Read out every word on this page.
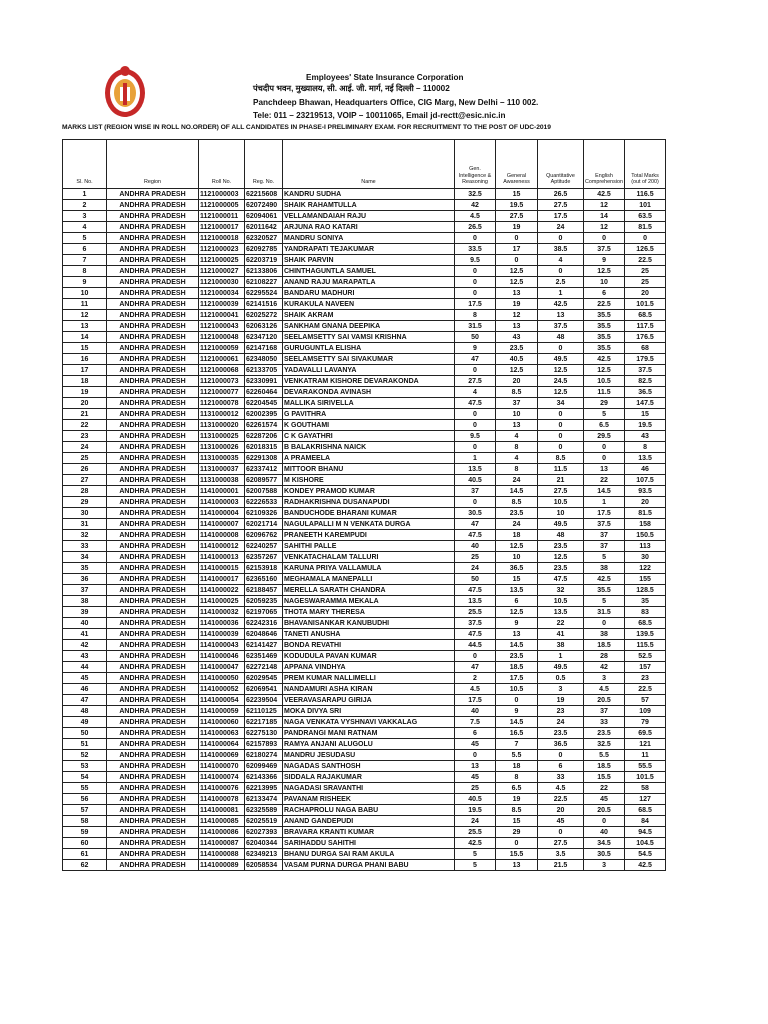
Employees' State Insurance Corporation
पंचदीप भवन, मुख्यालय, सी. आई. जी. मार्ग, नई दिल्ली – 110002
Panchdeep Bhawan, Headquarters Office, CIG Marg, New Delhi – 110 002.
Tele: 011 – 23219513, VOIP – 10011065, Email jd-rectt@esic.nic.in
MARKS LIST (REGION WISE IN ROLL NO.ORDER) OF ALL CANDIDATES IN PHASE-I PRELIMINARY EXAM. FOR RECRUITMENT TO THE POST OF UDC-2019
Sl. No.	Region	Roll No.	Reg. No.	Name	Gen. Intelligence & Reasoning	General Awareness	Quantitative Aptitude	English Comprehension	Total Marks (out of 200)
1	ANDHRA PRADESH	1121000003	62215608	KANDRU SUDHA	32.5	15	26.5	42.5	116.5
2	ANDHRA PRADESH	1121000005	62072490	SHAIK RAHAMTULLA	42	19.5	27.5	12	101
3	ANDHRA PRADESH	1121000011	62094061	VELLAMANDAIAH RAJU	4.5	27.5	17.5	14	63.5
4	ANDHRA PRADESH	1121000017	62011642	ARJUNA RAO KATARI	26.5	19	24	12	81.5
5	ANDHRA PRADESH	1121000018	62320527	MANDRU SONIYA	0	0	0	0	0
6	ANDHRA PRADESH	1121000023	62092785	YANDRAPATI TEJAKUMAR	33.5	17	38.5	37.5	126.5
7	ANDHRA PRADESH	1121000025	62203719	SHAIK PARVIN	9.5	0	4	9	22.5
8	ANDHRA PRADESH	1121000027	62133806	CHINTHAGUNTLA SAMUEL	0	12.5	0	12.5	25
9	ANDHRA PRADESH	1121000030	62108227	ANAND RAJU MARAPATLA	0	12.5	2.5	10	25
10	ANDHRA PRADESH	1121000034	62295524	BANDARU MADHURI	0	13	1	6	20
11	ANDHRA PRADESH	1121000039	62141516	KURAKULA NAVEEN	17.5	19	42.5	22.5	101.5
12	ANDHRA PRADESH	1121000041	62025272	SHAIK AKRAM	8	12	13	35.5	68.5
13	ANDHRA PRADESH	1121000043	62063126	SANKHAM GNANA DEEPIKA	31.5	13	37.5	35.5	117.5
14	ANDHRA PRADESH	1121000048	62347120	SEELAMSETTY SAI VAMSI KRISHNA	50	43	48	35.5	176.5
15	ANDHRA PRADESH	1121000059	62147168	GURUGUNTLA ELISHA	9	23.5	0	35.5	68
16	ANDHRA PRADESH	1121000061	62348050	SEELAMSETTY SAI SIVAKUMAR	47	40.5	49.5	42.5	179.5
17	ANDHRA PRADESH	1121000068	62133705	YADAVALLI LAVANYA	0	12.5	12.5	12.5	37.5
18	ANDHRA PRADESH	1121000073	62330991	VENKATRAM KISHORE DEVARAKONDA	27.5	20	24.5	10.5	82.5
19	ANDHRA PRADESH	1121000077	62260464	DEVARAKONDA AVINASH	4	8.5	12.5	11.5	36.5
20	ANDHRA PRADESH	1121000078	62204545	MALLIKA SIRIVELLA	47.5	37	34	29	147.5
21	ANDHRA PRADESH	1131000012	62002395	G PAVITHRA	0	10	0	5	15
22	ANDHRA PRADESH	1131000020	62261574	K GOUTHAMI	0	13	0	6.5	19.5
23	ANDHRA PRADESH	1131000025	62287206	C K GAYATHRI	9.5	4	0	29.5	43
24	ANDHRA PRADESH	1131000026	62018315	B BALAKRISHNA NAICK	0	8	0	0	8
25	ANDHRA PRADESH	1131000035	62291308	A PRAMEELA	1	4	8.5	0	13.5
26	ANDHRA PRADESH	1131000037	62337412	MITTOOR BHANU	13.5	8	11.5	13	46
27	ANDHRA PRADESH	1131000038	62089577	M KISHORE	40.5	24	21	22	107.5
28	ANDHRA PRADESH	1141000001	62007588	KONDEY PRAMOD KUMAR	37	14.5	27.5	14.5	93.5
29	ANDHRA PRADESH	1141000003	62226533	RADHAKRISHNA DUSANAPUDI	0	8.5	10.5	1	20
30	ANDHRA PRADESH	1141000004	62109326	BANDUCHODE BHARANI KUMAR	30.5	23.5	10	17.5	81.5
31	ANDHRA PRADESH	1141000007	62021714	NAGULAPALLI M N VENKATA DURGA	47	24	49.5	37.5	158
32	ANDHRA PRADESH	1141000008	62096762	PRANEETH KAREMPUDI	47.5	18	48	37	150.5
33	ANDHRA PRADESH	1141000012	62240257	SAHITHI PALLE	40	12.5	23.5	37	113
34	ANDHRA PRADESH	1141000013	62357267	VENKATACHALAM TALLURI	25	10	12.5	5	30
35	ANDHRA PRADESH	1141000015	62153918	KARUNA PRIYA VALLAMULA	24	36.5	23.5	38	122
36	ANDHRA PRADESH	1141000017	62365160	MEGHAMALA MANEPALLI	50	15	47.5	42.5	155
37	ANDHRA PRADESH	1141000022	62188457	MERELLA SARATH CHANDRA	47.5	13.5	32	35.5	128.5
38	ANDHRA PRADESH	1141000025	62059235	NAGESWARAMMA MEKALA	13.5	6	10.5	5	35
39	ANDHRA PRADESH	1141000032	62197065	THOTA MARY THERESA	25.5	12.5	13.5	31.5	83
40	ANDHRA PRADESH	1141000036	62242316	BHAVANISANKAR KANUBUDHI	37.5	9	22	0	68.5
41	ANDHRA PRADESH	1141000039	62048646	TANETI ANUSHA	47.5	13	41	38	139.5
42	ANDHRA PRADESH	1141000043	62141427	BONDA REVATHI	44.5	14.5	38	18.5	115.5
43	ANDHRA PRADESH	1141000046	62351469	KODUDULA PAVAN KUMAR	0	23.5	1	28	52.5
44	ANDHRA PRADESH	1141000047	62272148	APPANA VINDHYA	47	18.5	49.5	42	157
45	ANDHRA PRADESH	1141000050	62029545	PREM KUMAR NALLIMELLI	2	17.5	0.5	3	23
46	ANDHRA PRADESH	1141000052	62069541	NANDAMURI ASHA KIRAN	4.5	10.5	3	4.5	22.5
47	ANDHRA PRADESH	1141000054	62239504	VEERAVASARAPU GIRIJA	17.5	0	19	20.5	57
48	ANDHRA PRADESH	1141000059	62110125	MOKA DIVYA SRI	40	9	23	37	109
49	ANDHRA PRADESH	1141000060	62217185	NAGA VENKATA VYSHNAVI VAKKALAG	7.5	14.5	24	33	79
50	ANDHRA PRADESH	1141000063	62275130	PANDRANGI MANI RATNAM	6	16.5	23.5	23.5	69.5
51	ANDHRA PRADESH	1141000064	62157893	RAMYA ANJANI ALUGOLU	45	7	36.5	32.5	121
52	ANDHRA PRADESH	1141000069	62180274	MANDRU JESUDASU	0	5.5	0	5.5	11
53	ANDHRA PRADESH	1141000070	62099469	NAGADAS SANTHOSH	13	18	6	18.5	55.5
54	ANDHRA PRADESH	1141000074	62143366	SIDDALA RAJAKUMAR	45	8	33	15.5	101.5
55	ANDHRA PRADESH	1141000076	62213995	NAGADASI SRAVANTHI	25	6.5	4.5	22	58
56	ANDHRA PRADESH	1141000078	62133474	PAVANAM RISHEEK	40.5	19	22.5	45	127
57	ANDHRA PRADESH	1141000081	62325589	RACHAPROLU NAGA BABU	19.5	8.5	20	20.5	68.5
58	ANDHRA PRADESH	1141000085	62025519	ANAND GANDEPUDI	24	15	45	0	84
59	ANDHRA PRADESH	1141000086	62027393	BRAVARA KRANTI KUMAR	25.5	29	0	40	94.5
60	ANDHRA PRADESH	1141000087	62040344	SARIHADDU SAHITHI	42.5	0	27.5	34.5	104.5
61	ANDHRA PRADESH	1141000088	62349213	BHANU DURGA SAI RAM AKULA	5	15.5	3.5	30.5	54.5
62	ANDHRA PRADESH	1141000089	62058534	VASAM PURNA DURGA PHANI BABU	5	13	21.5	3	42.5
